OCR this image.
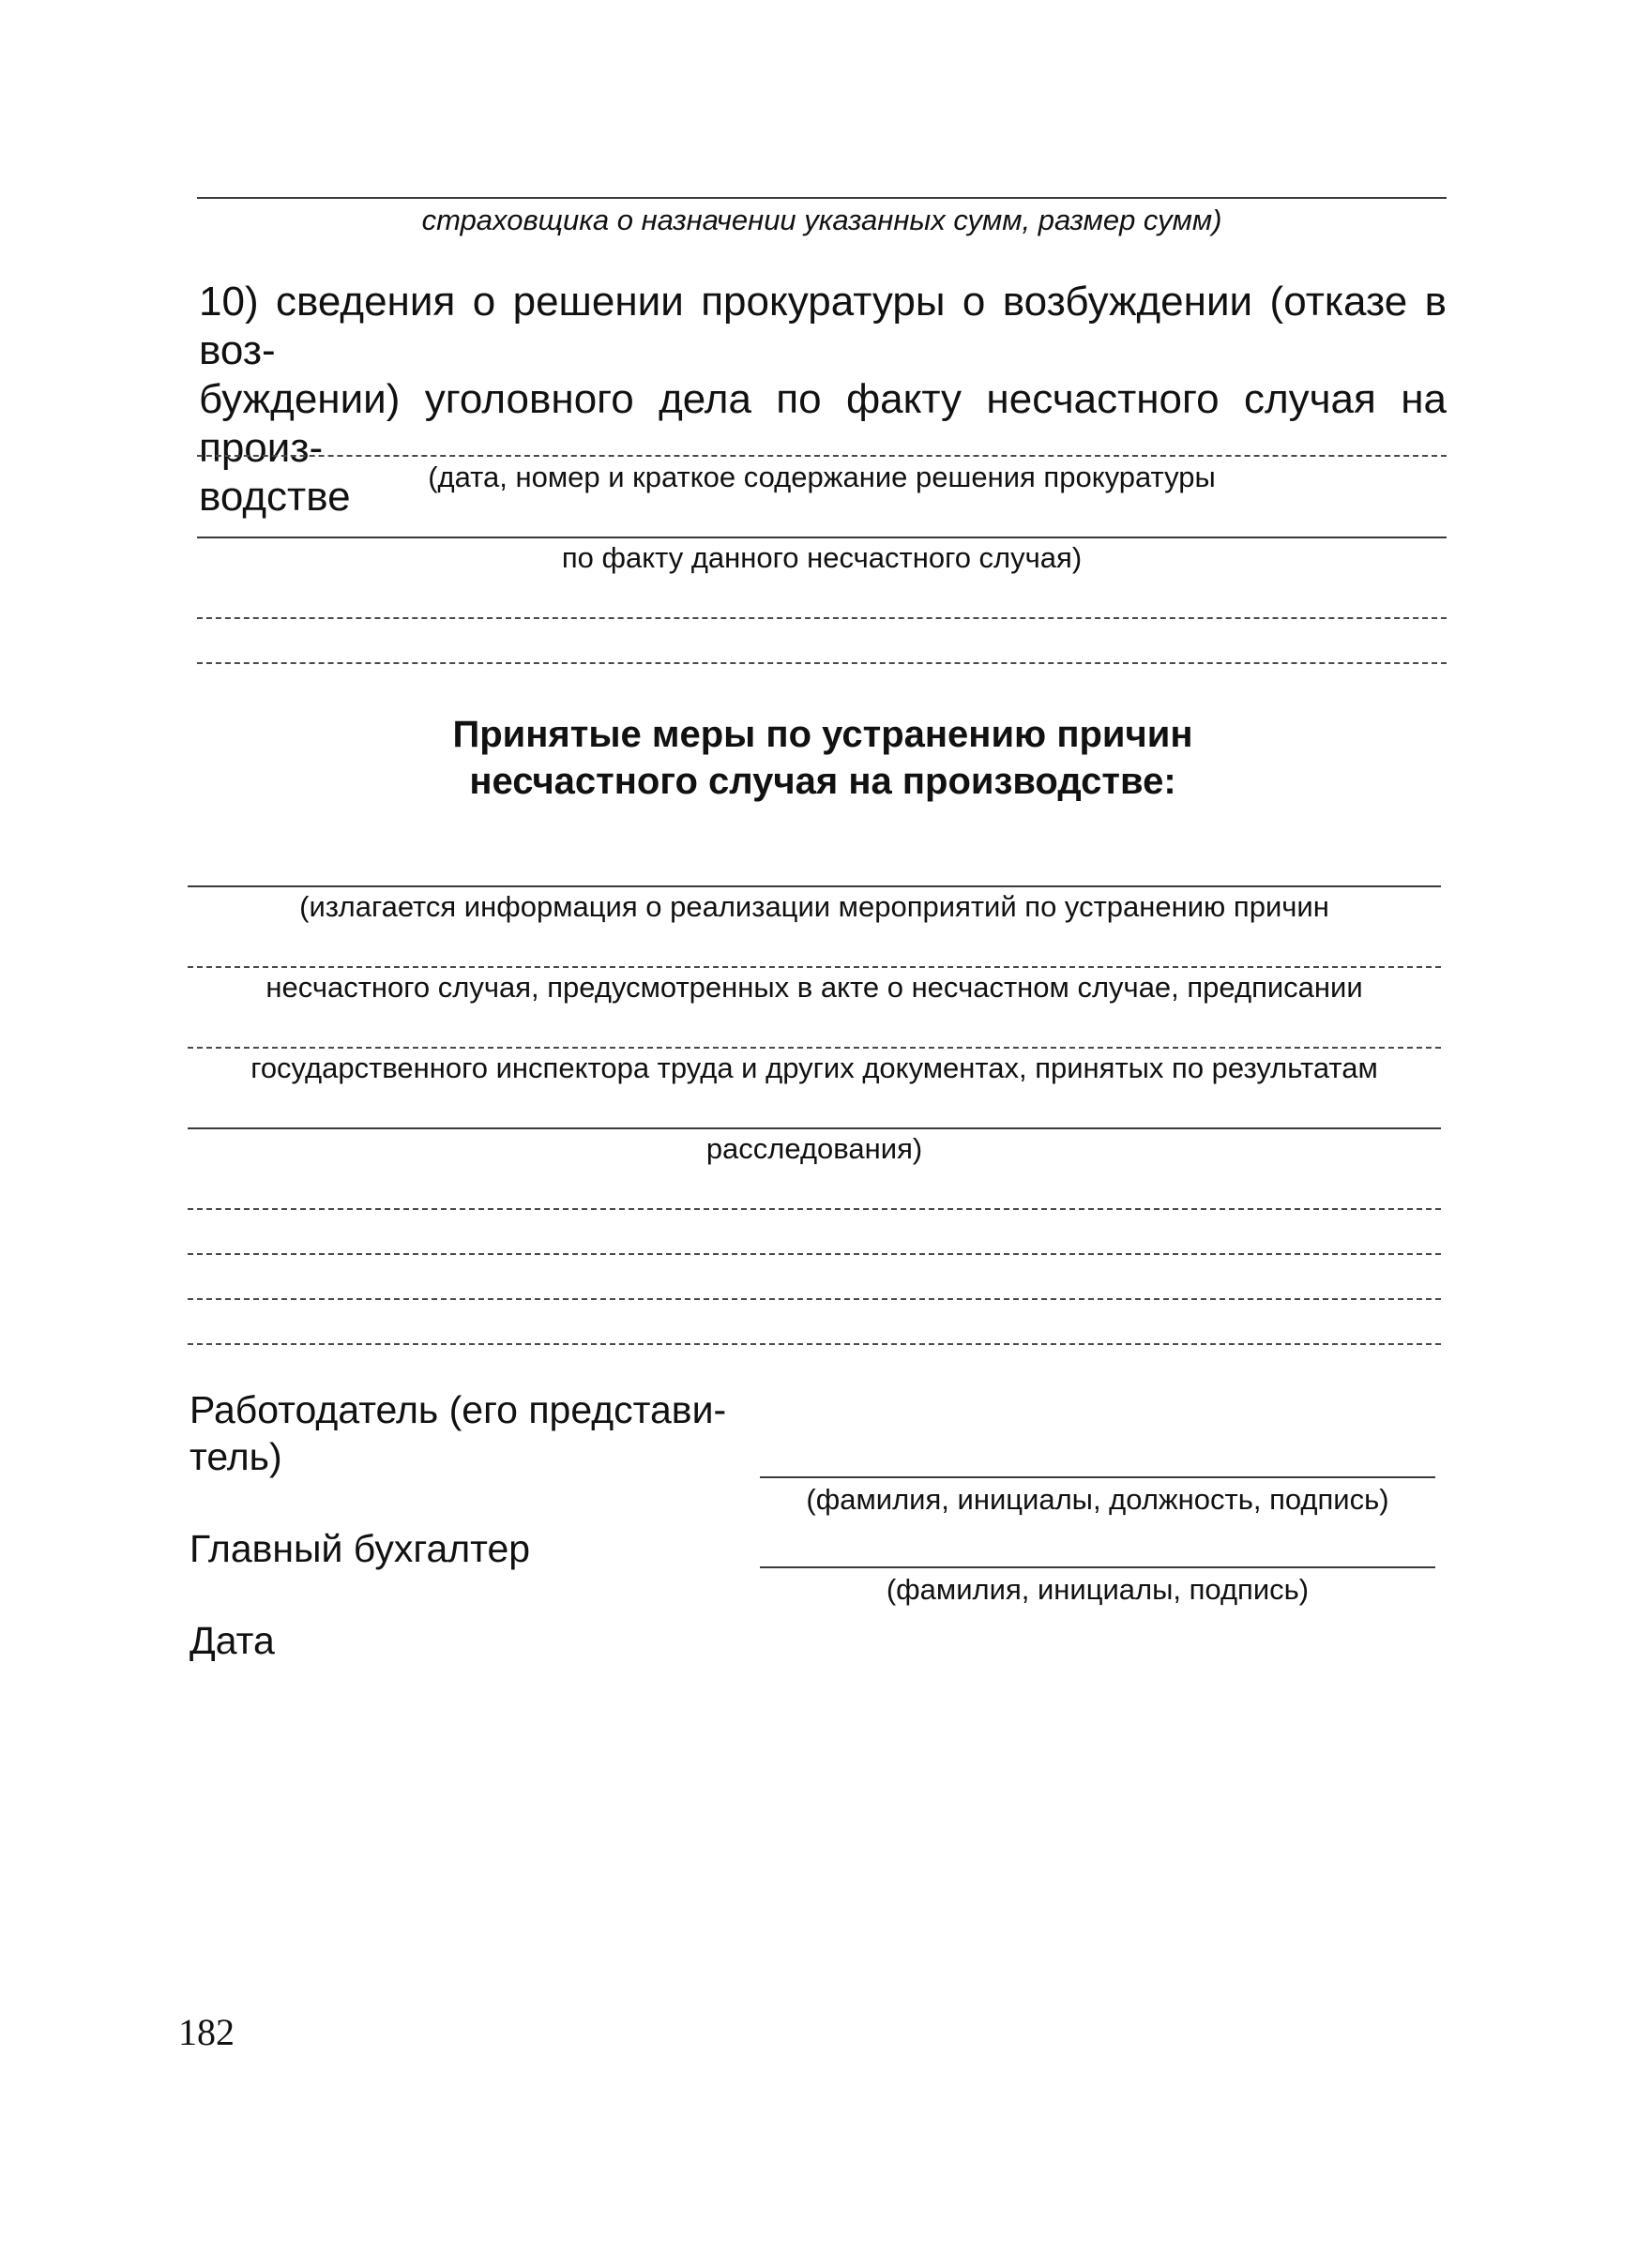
страховщика о назначении указанных сумм, размер сумм)
10) сведения о решении прокуратуры о возбуждении (отказе в воз-
буждении) уголовного дела по факту несчастного случая на произ-
водстве	(дата, номер и краткое содержание решения прокуратуры
по факту данного несчастного случая)
Принятые меры по устранению причин
несчастного случая на производстве:
(излагается информация о реализации мероприятий по устранению причин
несчастного случая, предусмотренных в акте о несчастном случае, предписании
государственного инспектора труда и других документах, принятых по результатам
расследования)
Работодатель (его представи-
тель)
(фамилия, инициалы, должность, подпись)
Главный бухгалтер
(фамилия, инициалы, подпись)
Дата
182
